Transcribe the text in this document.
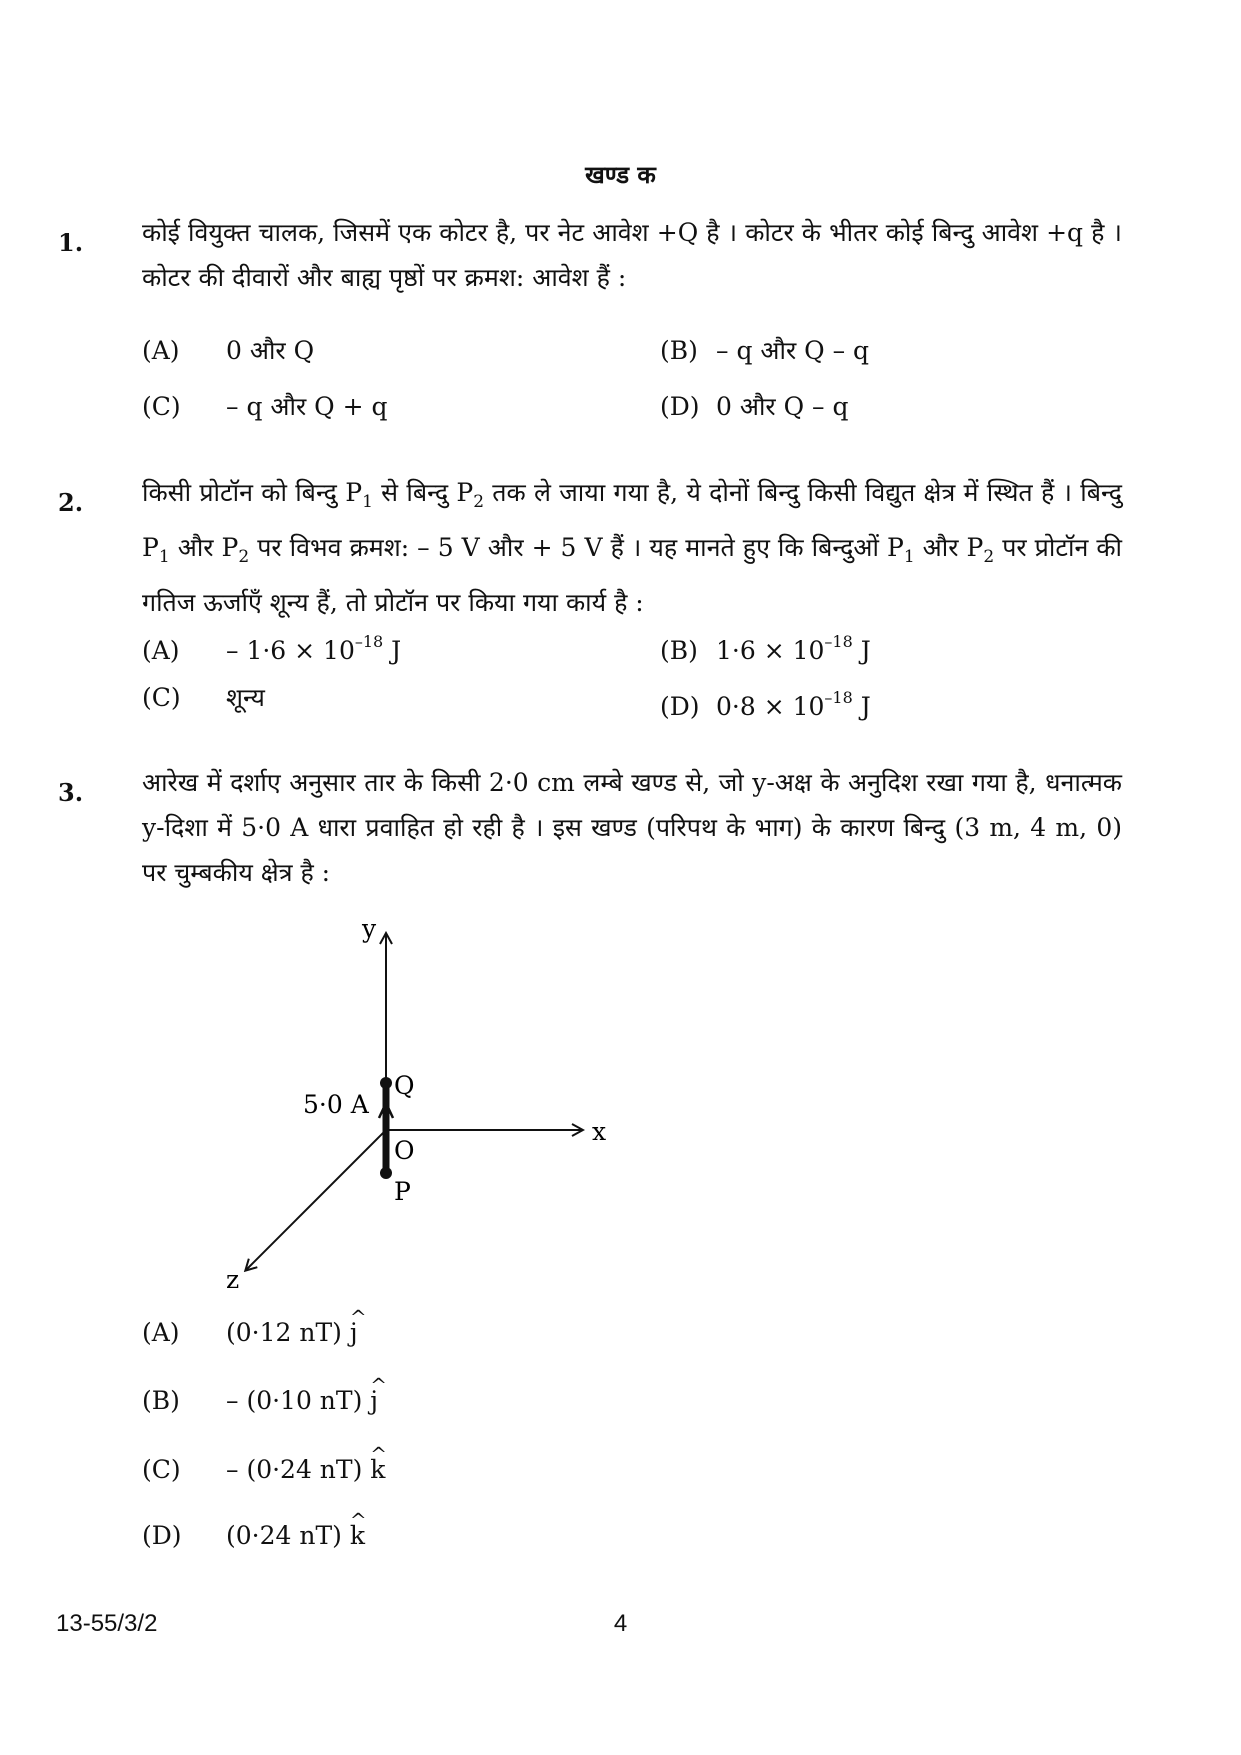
खण्ड क
1. कोई वियुक्त चालक, जिसमें एक कोटर है, पर नेट आवेश +Q है । कोटर के भीतर कोई बिन्दु आवेश +q है । कोटर की दीवारों और बाह्य पृष्ठों पर क्रमश: आवेश हैं :
(A) 0 और Q	(B) – q और Q – q
(C) – q और Q + q	(D) 0 और Q – q
2. किसी प्रोटॉन को बिन्दु $P_1$ से बिन्दु $P_2$ तक ले जाया गया है, ये दोनों बिन्दु किसी विद्युत क्षेत्र में स्थित हैं । बिन्दु $P_1$ और $P_2$ पर विभव क्रमश: – 5 V और + 5 V हैं । यह मानते हुए कि बिन्दुओं $P_1$ और $P_2$ पर प्रोटॉन की गतिज ऊर्जाएँ शून्य हैं, तो प्रोटॉन पर किया गया कार्य है :
$(A) - 1\cdot 6 \times 10^{-18}$ J	(B) $1\cdot 6 \times 10^{-18}$ J
(C) शून्य	(D) $0\cdot 8 \times 10^{-18}$ J
3. आरेख में दर्शाए अनुसार तार के किसी 2·0 cm लम्बे खण्ड से, जो y-अक्ष के अनुदिश रखा गया है, धनात्मक y-दिशा में 5·0 A धारा प्रवाहित हो रही है । इस खण्ड (परिपथ के भाग) के कारण बिन्दु (3 m, 4 m, 0) पर चुम्बकीय क्षेत्र है :
y
x
z
5·0 A
Q
O
P
(A) (0·12 nT) ^ j
(B) – (0·10 nT) ^ j
(C) – (0·24 nT) ^ k
(D) (0·24 nT) ^ k
4
13-55/3/2
